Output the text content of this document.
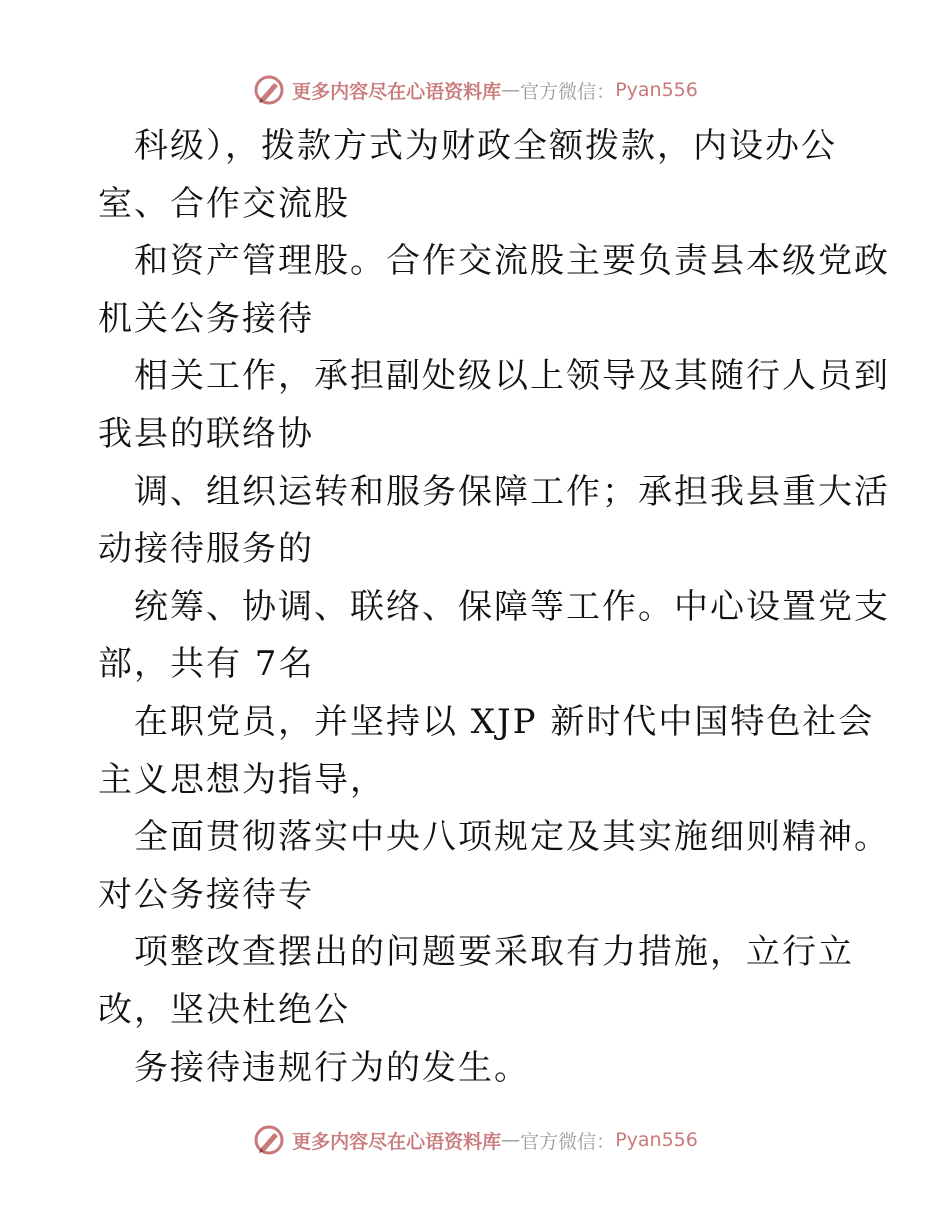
更多内容尽在心语资料库 — 官方微信： Pyan556
科级），拨款方式为财政全额拨款，内设办公
室、合作交流股
和资产管理股。合作交流股主要负责县本级党政
机关公务接待
相关工作，承担副处级以上领导及其随行人员到
我县的联络协
调、组织运转和服务保障工作；承担我县重大活
动接待服务的
统筹、协调、联络、保障等工作。中心设置党支
部，共有 7名
在职党员，并坚持以 XJP 新时代中国特色社会
主义思想为指导，
全面贯彻落实中央八项规定及其实施细则精神。
对公务接待专
项整改查摆出的问题要采取有力措施，立行立
改，坚决杜绝公
务接待违规行为的发生。
更多内容尽在心语资料库 — 官方微信： Pyan556
